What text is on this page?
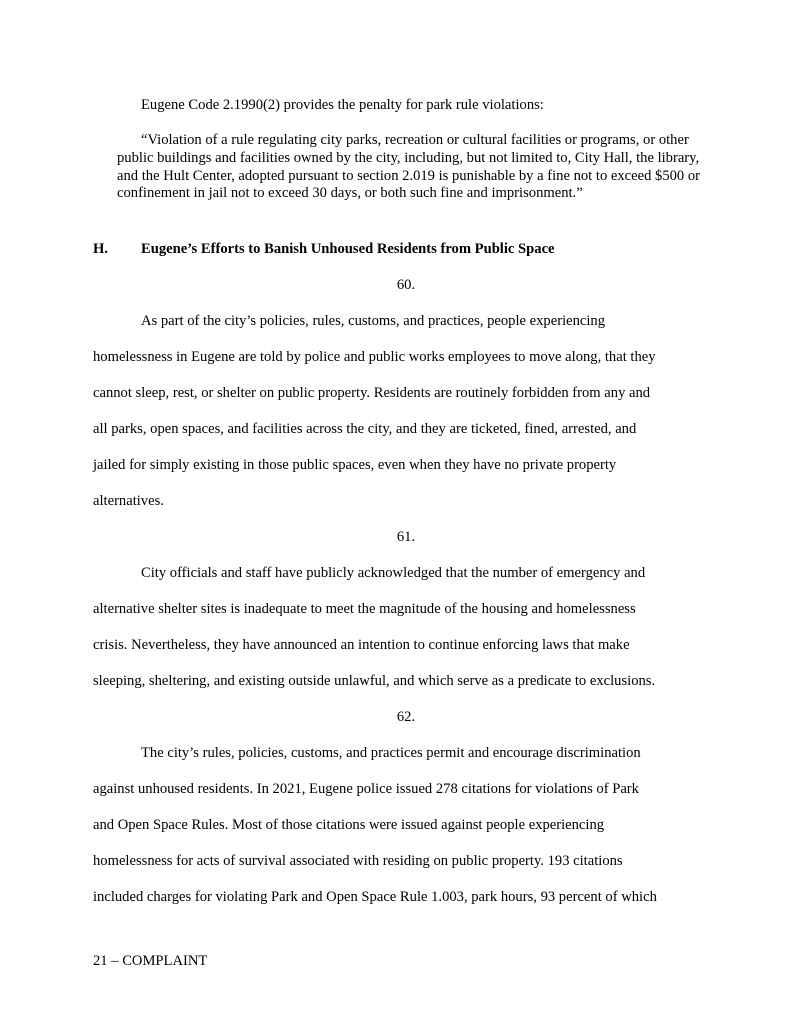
Eugene Code 2.1990(2) provides the penalty for park rule violations:
“Violation of a rule regulating city parks, recreation or cultural facilities or programs, or other public buildings and facilities owned by the city, including, but not limited to, City Hall, the library, and the Hult Center, adopted pursuant to section 2.019 is punishable by a fine not to exceed $500 or confinement in jail not to exceed 30 days, or both such fine and imprisonment.”
H. Eugene’s Efforts to Banish Unhoused Residents from Public Space
60.
As part of the city’s policies, rules, customs, and practices, people experiencing
homelessness in Eugene are told by police and public works employees to move along, that they
cannot sleep, rest, or shelter on public property. Residents are routinely forbidden from any and
all parks, open spaces, and facilities across the city, and they are ticketed, fined, arrested, and
jailed for simply existing in those public spaces, even when they have no private property
alternatives.
61.
City officials and staff have publicly acknowledged that the number of emergency and
alternative shelter sites is inadequate to meet the magnitude of the housing and homelessness
crisis. Nevertheless, they have announced an intention to continue enforcing laws that make
sleeping, sheltering, and existing outside unlawful, and which serve as a predicate to exclusions.
62.
The city’s rules, policies, customs, and practices permit and encourage discrimination
against unhoused residents. In 2021, Eugene police issued 278 citations for violations of Park
and Open Space Rules. Most of those citations were issued against people experiencing
homelessness for acts of survival associated with residing on public property. 193 citations
included charges for violating Park and Open Space Rule 1.003, park hours, 93 percent of which
21 – COMPLAINT
